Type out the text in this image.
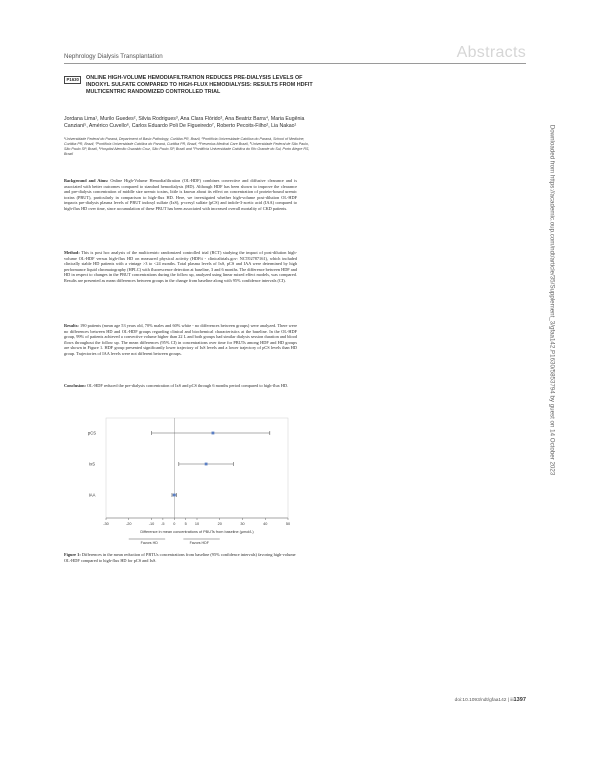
Nephrology Dialysis Transplantation	Abstracts
P1630	ONLINE HIGH-VOLUME HEMODIAFILTRATION REDUCES PRE-DIALYSIS LEVELS OF INDOXYL SULFATE COMPARED TO HIGH-FLUX HEMODIALYSIS: RESULTS FROM HDFIT MULTICENTRIC RANDOMIZED CONTROLLED TRIAL

Jordana Lima¹, Murilo Guedes², Silvia Rodrigues³, Ana Clara Flórido³, Ana Beatriz Barra⁴, Maria Eugênia Canziani⁵, Américo Cuvello⁶, Carlos Eduardo Poli De Figueiredo⁷, Roberto Pecoits-Filho², Lia Nakao¹
¹Universidade Federal do Paraná, Department of Basic Pathology, Curitiba PR, Brazil, ²Pontifícia Universidade Católica do Paraná, School of Medicine, Curitiba PR, Brazil, ³Pontifícia Universidade Católica do Paraná, Curitiba PR, Brazil, ⁴Fresenius Medical Care Brazil, ⁵Universidade Federal de São Paulo, São Paulo SP, Brazil, ⁶Hospital Alemão Oswaldo Cruz, São Paulo SP, Brazil and ⁷Pontifícia Universidade Católica do Rio Grande do Sul, Porto Alegre RS, Brazil

Background and Aims: Online High-Volume Hemodiafiltration (OL-HDF) combines convective and diffusive clearance and is associated with better outcomes compared to standard hemodialysis (HD). Although HDF has been shown to improve the clearance and pre-dialysis concentration of middle size uremic toxins, little is known about its effect on concentration of protein-bound uremic toxins (PBUT), particularly in comparison to high-flux HD. Here, we investigated whether high-volume post-dilution OL-HDF impacts pre-dialysis plasma levels of PBUT indoxyl sulfate (IxS), p-cresyl sulfate (pCS) and indole-3-acetic acid (IAA) compared to high-flux HD over time, since accumulation of these PBUT has been associated with increased overall mortality of CKD patients.

Method: This is post hoc analysis of the multicentric randomized controlled trial (RCT) studying the impact of post-dilution high-volume OL-HDF versus high-flux HD on measured physical activity (HDFit - clinicaltrials.gov: NCT02787161), which included clinically stable HD patients with a vintage >3 to <24 months. Total plasma levels of IxS, pCS and IAA were determined by high performance liquid chromatography (HPLC) with fluorescence detection at baseline, 3 and 6 months. The difference between HDF and HD in respect to changes in the PBUT concentrations during the follow up, analyzed using linear mixed effect models, was compared. Results are presented as mean differences between groups in the change from baseline along with 95% confidence intervals (CI).

Results: 190 patients (mean age 53 years old, 70% males and 60% white - no differences between groups) were analyzed. There were no differences between HD and OL-HDF groups regarding clinical and biochemical characteristics at the baseline. In the OL-HDF group, 99% of patients achieved a convective volume higher than 22 L and both groups had similar dialysis session duration and blood flows throughout the follow up. The mean differences (95% CI) in concentrations over time for PBUTs among HDF and HD groups are shown in Figure 1. HDF group presented significantly lower trajectory of IxS levels and a lower trajectory of pCS levels than HD group. Trajectories of IAA levels were not different between groups.

Conclusion: OL-HDF reduced the pre-dialysis concentration of IxS and pCS through 6 months period compared to high-flux HD.

-30	-20	-10 -5 0 5 10	20	30	40	50
pCS
IxS
IAA
Difference in mean concentrations of PBUTs from baseline (µmol/L)
Favors HD	Favors HDF

Figure 1: Differences in the mean reduction of PBTUs concentrations from baseline (95% confidence intervals) favoring high-volume OL-HDF compared to high-flux HD for pCS and IxS.

Downloaded from https://academic.oup.com/ndt/article/35/Supplement_3/gfaa142.P1630/5853794 by guest on 14 October 2023
doi:10.1093/ndt/gfaa142 | iii1397
